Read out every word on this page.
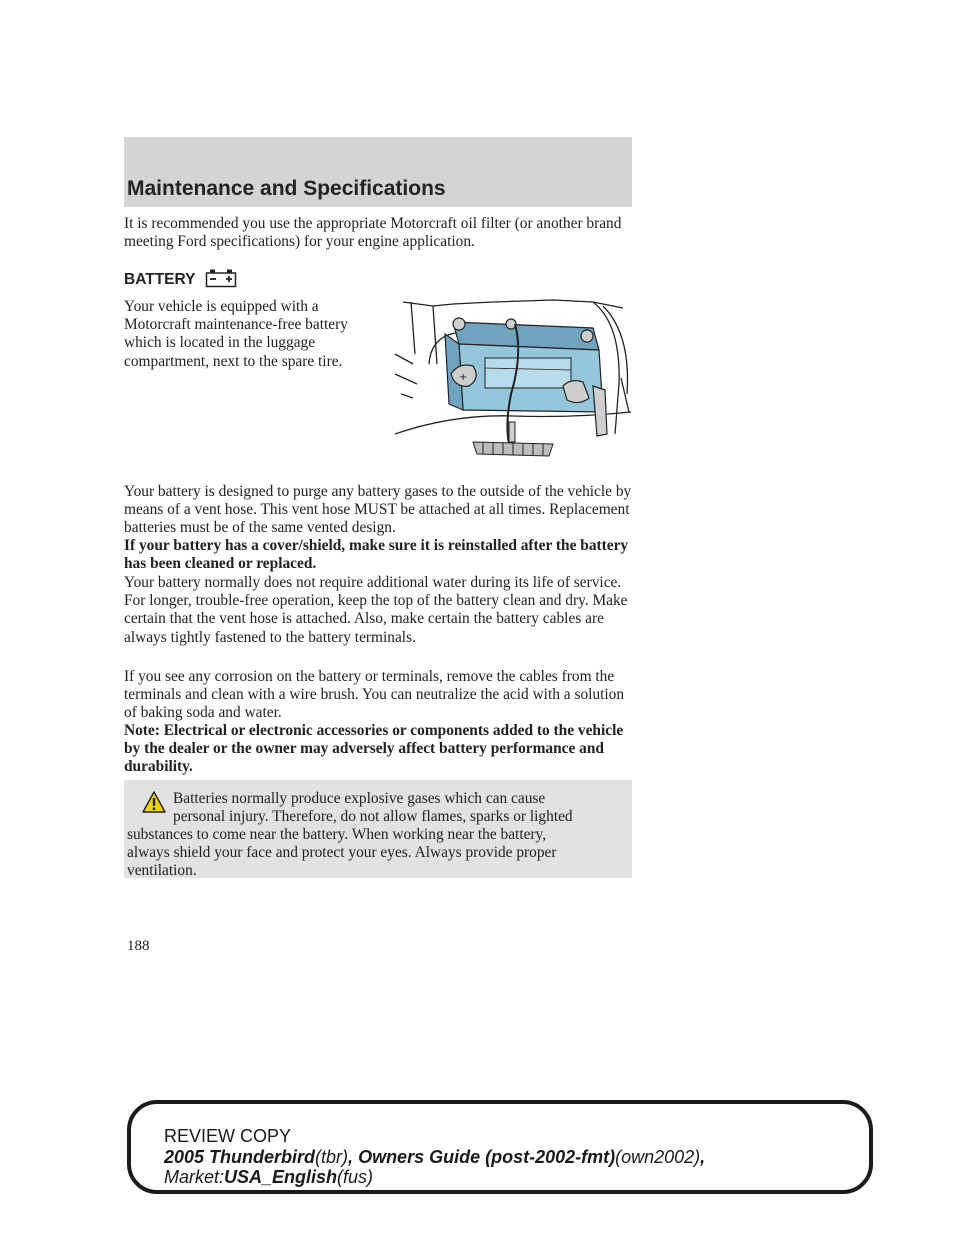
Maintenance and Specifications

It is recommended you use the appropriate Motorcraft oil filter (or another brand meeting Ford specifications) for your engine application.

BATTERY
Your vehicle is equipped with a
Motorcraft maintenance-free battery
which is located in the luggage
compartment, next to the spare tire.
+

Your battery is designed to purge any battery gases to the outside of the vehicle by means of a vent hose. This vent hose MUST be attached at all times. Replacement batteries must be of the same vented design.

If your battery has a cover/shield, make sure it is reinstalled after the battery has been cleaned or replaced.

Your battery normally does not require additional water during its life of service. For longer, trouble-free operation, keep the top of the battery clean and dry. Make certain that the vent hose is attached. Also, make certain the battery cables are always tightly fastened to the battery terminals.

If you see any corrosion on the battery or terminals, remove the cables from the terminals and clean with a wire brush. You can neutralize the acid with a solution of baking soda and water.

Batteries normally produce explosive gases which can cause
personal injury. Therefore, do not allow flames, sparks or lighted
substances to come near the battery. When working near the battery,
always shield your face and protect your eyes. Always provide proper
ventilation.
188
REVIEW COPY
2005 Thunderbird(tbr), Owners Guide (post-2002-fmt)(own2002),
Market:USA_English(fus)

Note: Electrical or electronic accessories or components added to the vehicle by the dealer or the owner may adversely affect battery performance and durability.
